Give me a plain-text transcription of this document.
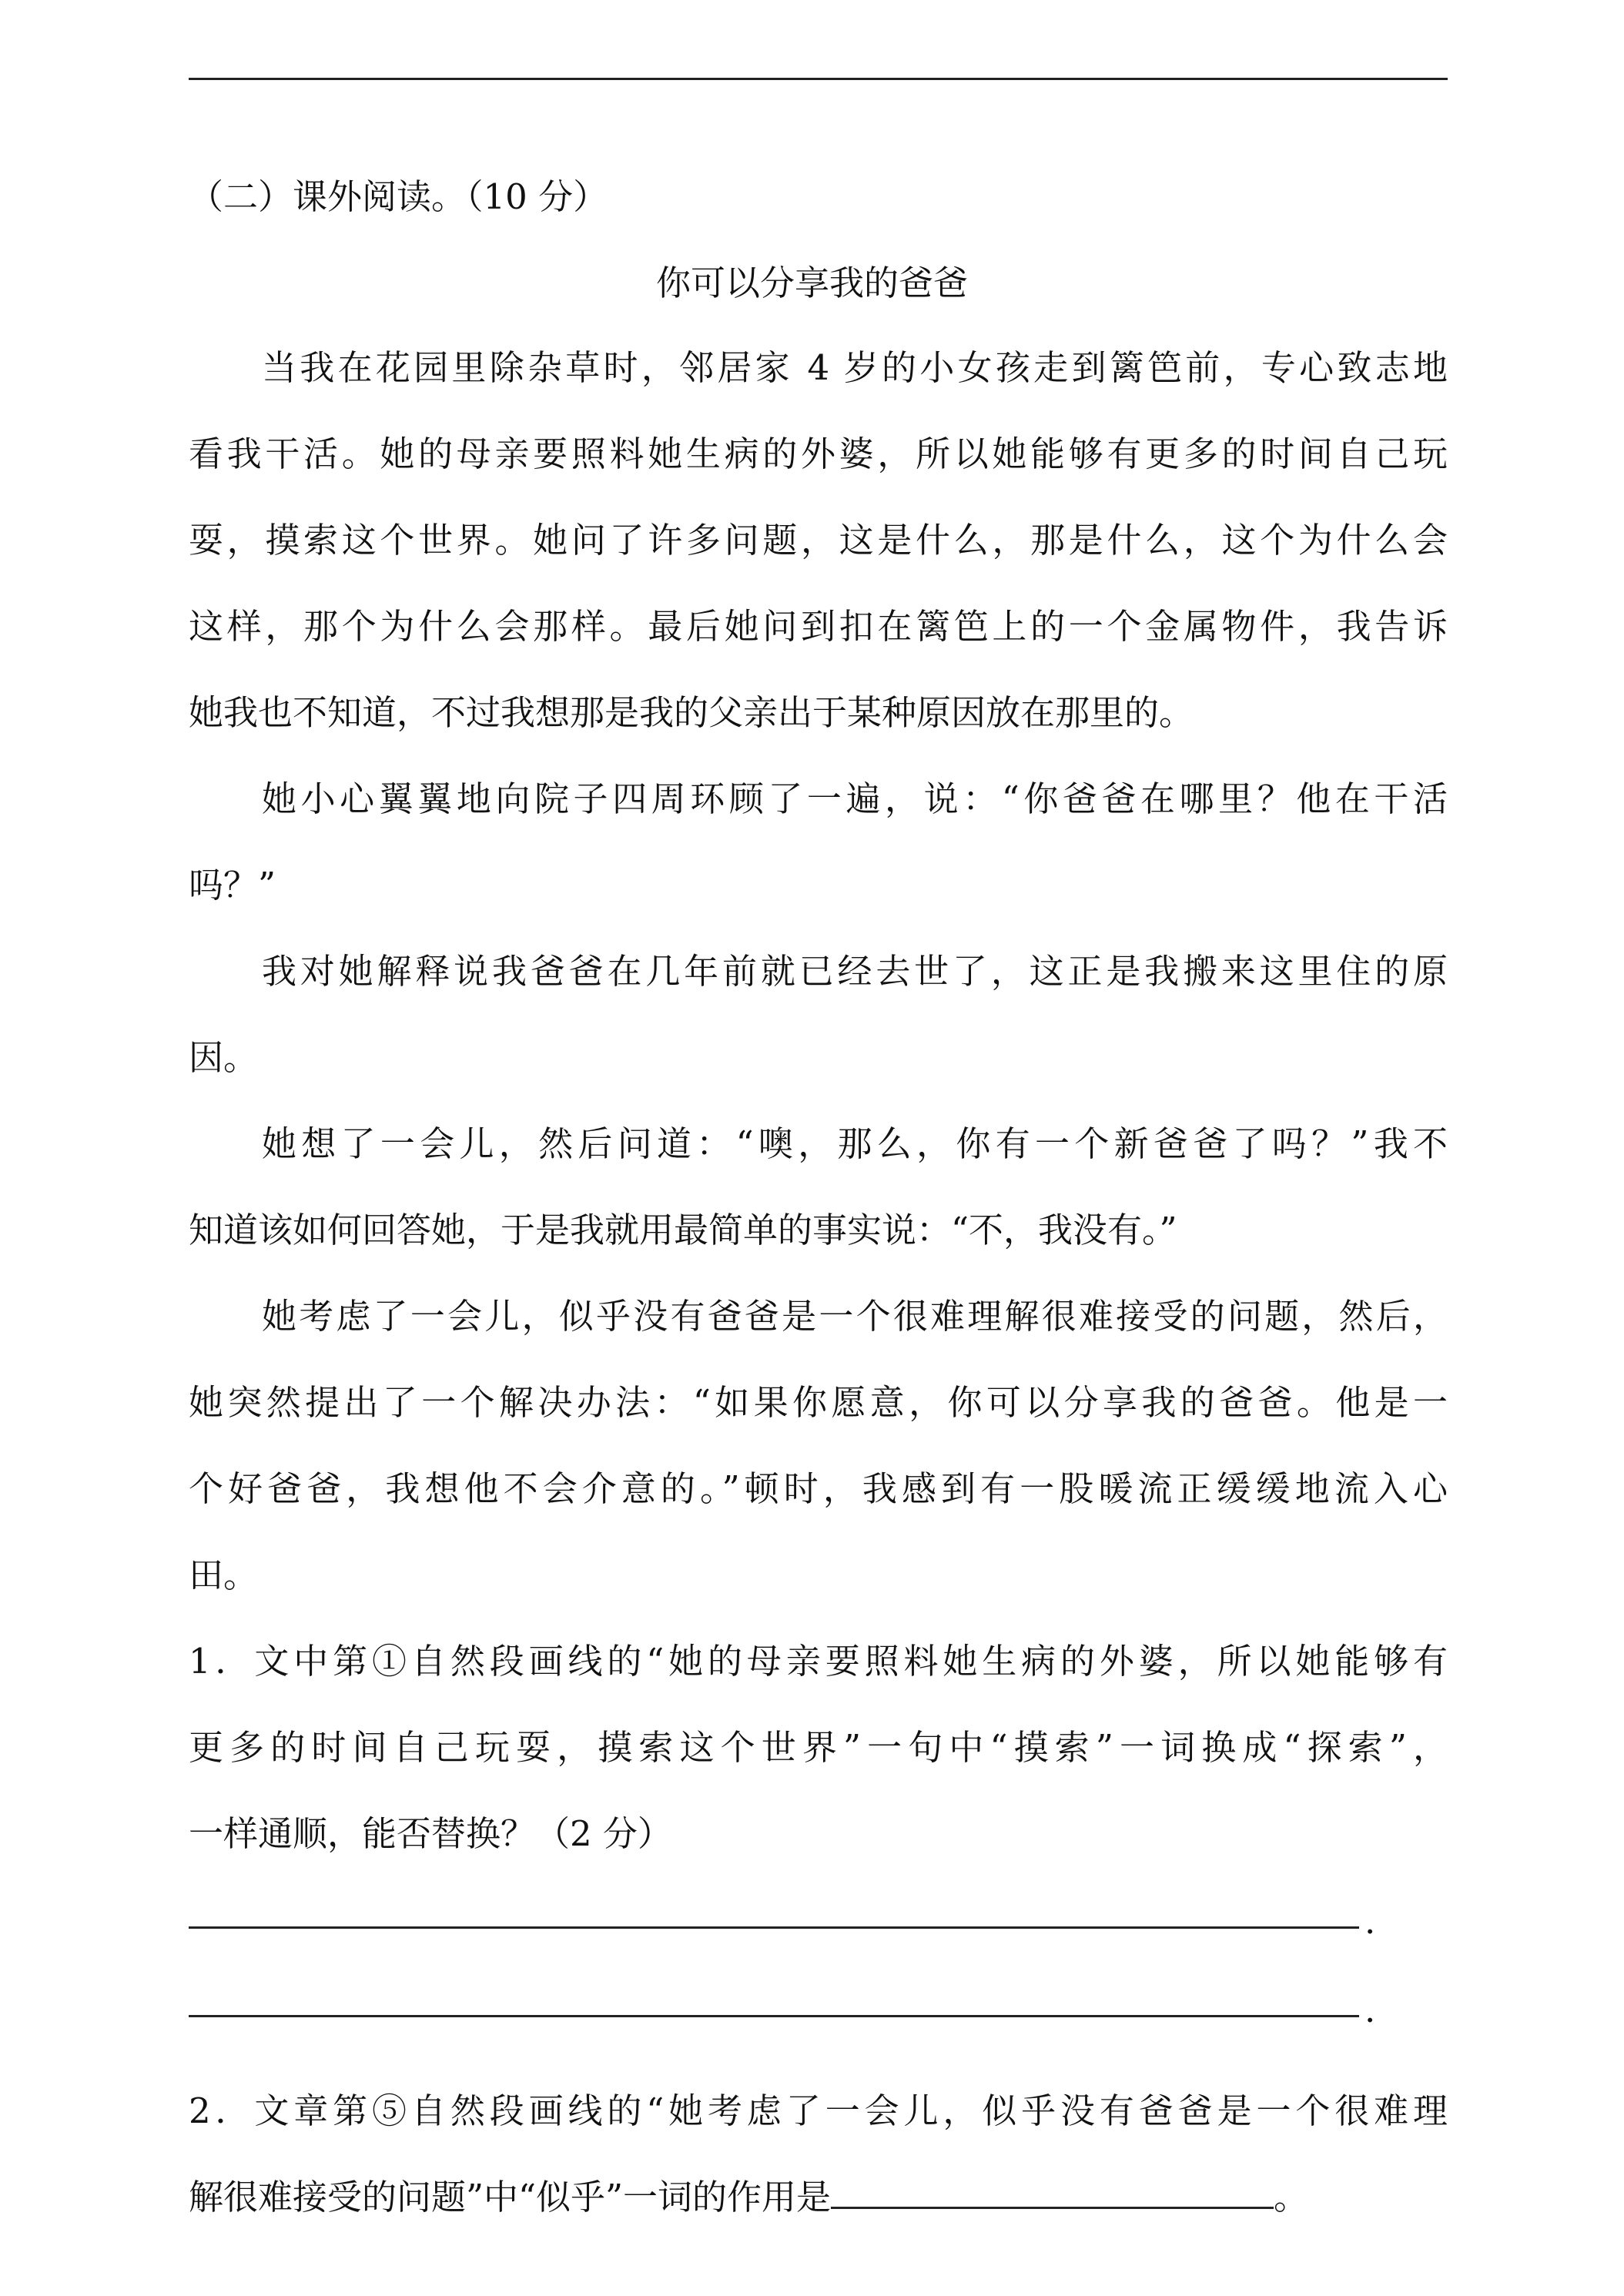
（二）课外阅读。（10 分）
你可以分享我的爸爸
当我在花园里除杂草时，邻居家 4 岁的小女孩走到篱笆前，专心致志地
看我干活。她的母亲要照料她生病的外婆，所以她能够有更多的时间自己玩
耍，摸索这个世界。她问了许多问题，这是什么，那是什么，这个为什么会
这样，那个为什么会那样。最后她问到扣在篱笆上的一个金属物件，我告诉
她我也不知道，不过我想那是我的父亲出于某种原因放在那里的。
她小心翼翼地向院子四周环顾了一遍，说：“你爸爸在哪里？他在干活
吗？”
我对她解释说我爸爸在几年前就已经去世了，这正是我搬来这里住的原
因。
她想了一会儿，然后问道：“噢，那么，你有一个新爸爸了吗？”我不
知道该如何回答她，于是我就用最简单的事实说：“不，我没有。”
她考虑了一会儿，似乎没有爸爸是一个很难理解很难接受的问题，然后，
她突然提出了一个解决办法：“如果你愿意，你可以分享我的爸爸。他是一
个好爸爸，我想他不会介意的。”顿时，我感到有一股暖流正缓缓地流入心
田。
1．文中第①自然段画线的“她的母亲要照料她生病的外婆，所以她能够有
更多的时间自己玩耍，摸索这个世界”一句中“摸索”一词换成“探索”，
一样通顺，能否替换？（2 分）
.
.
2．文章第⑤自然段画线的“她考虑了一会儿，似乎没有爸爸是一个很难理
解很难接受的问题”中“似乎”一词的作用是	。
